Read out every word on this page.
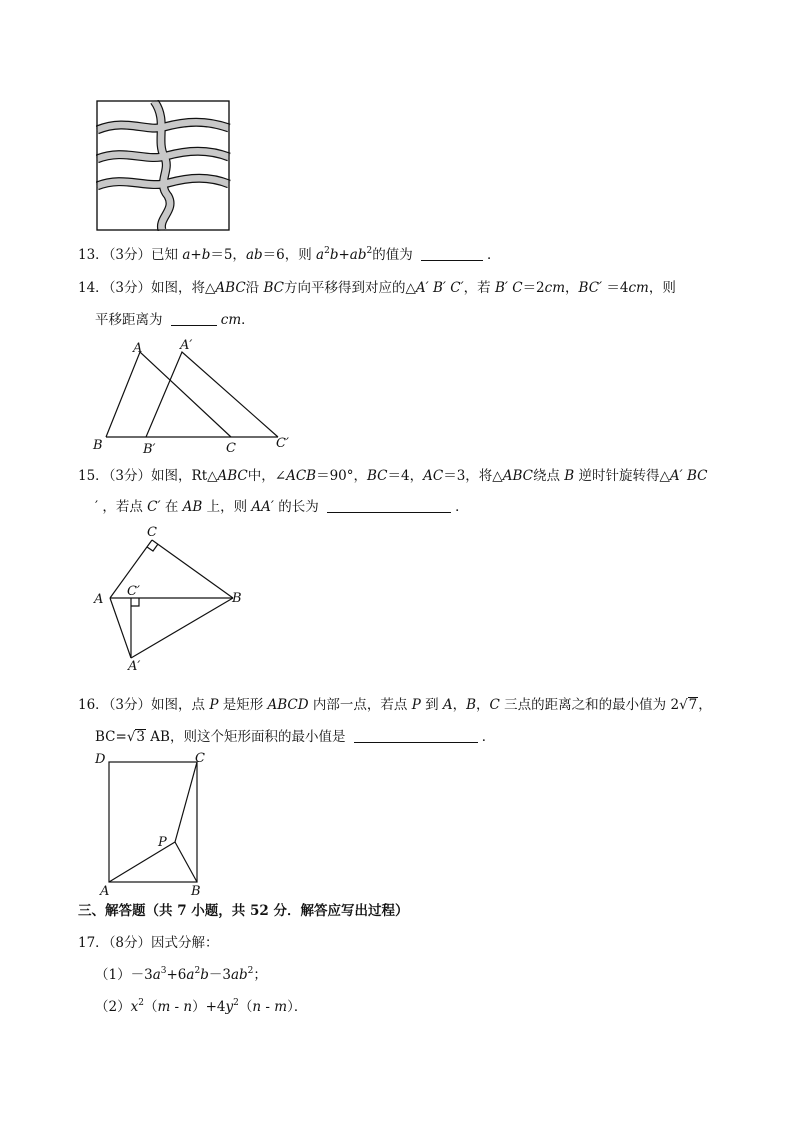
13．（3分）已知 a+b＝5，ab＝6，则 $a^2b+ab^2$的值为	．
14．（3分）如图，将△ABC沿 BC方向平移得到对应的△A′ B′ C′，若 B′ C＝2cm，BC′ ＝4cm，则
平移距离为	cm．
A	A′
B	B′	C	C′
15．（3分）如图，Rt△ABC中，∠ACB＝90°，BC＝4，AC＝3，将△ABC绕点 B 逆时针旋转得△A′ BC
′ ，若点 C′ 在 AB 上，则 AA′ 的长为	．
C
C′
A	B
A′
16．（3分）如图，点 P 是矩形 ABCD 内部一点，若点 P 到 A，B，C 三点的距离之和的最小值为 2√7，
BC=√3 AB，则这个矩形面积的最小值是	．
D	C
P
A	B
三、解答题（共 7 小题，共 52 分．解答应写出过程）
17．（8分）因式分解：
$(1)-3a^3+6a^2b-3ab^2$；
$(2)x^2(m - n)+4y^2(n - m)$．
